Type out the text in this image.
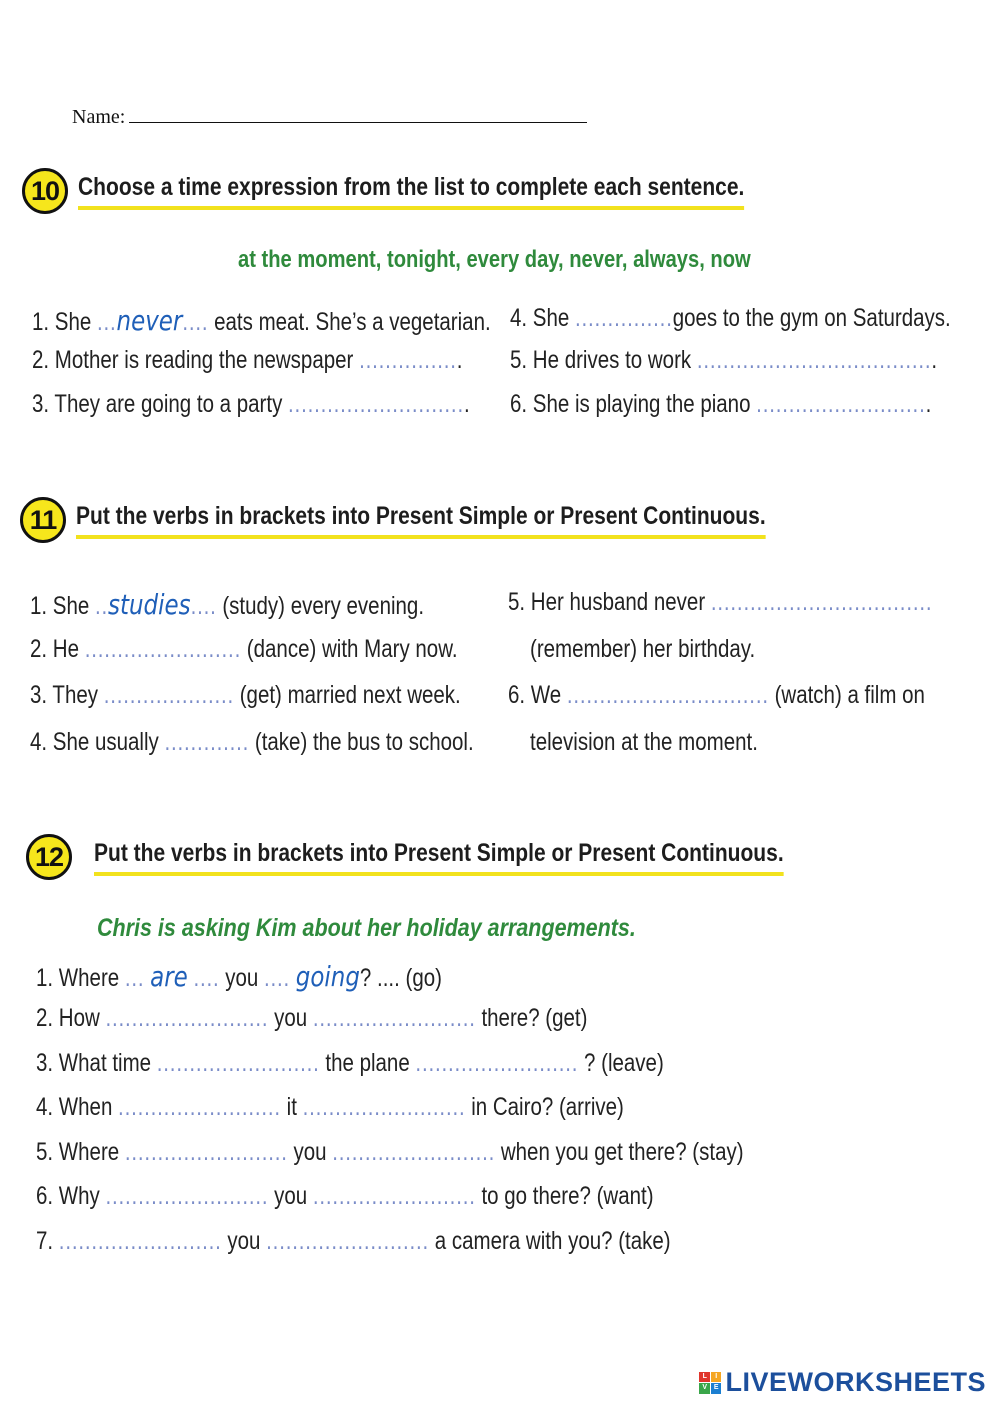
Name:
10 Choose a time expression from the list to complete each sentence.
at the moment, tonight, every day, never, always, now
1. She ...never.... eats meat. She’s a vegetarian.
2. Mother is reading the newspaper ................
3. They are going to a party ............................
4. She ...............goes to the gym on Saturdays.
5. He drives to work .....................................
6. She is playing the piano ...........................
11 Put the verbs in brackets into Present Simple or Present Continuous.
1. She ..studies.... (study) every evening.
2. He ........................ (dance) with Mary now.
3. They .................... (get) married next week.
4. She usually ............. (take) the bus to school.
5. Her husband never ..................................
(remember) her birthday.
6. We ............................... (watch) a film on
television at the moment.
12	Put the verbs in brackets into Present Simple or Present Continuous.
Chris is asking Kim about her holiday arrangements.
1. Where ... are .... you .... going? .... (go)
2. How ......................... you ......................... there? (get)
3. What time ......................... the plane ......................... ? (leave)
4. When ......................... it ......................... in Cairo? (arrive)
5. Where ......................... you ......................... when you get there? (stay)
6. Why ......................... you ......................... to go there? (want)
7. ......................... you ......................... a camera with you? (take)
L	I
V E LIVEWORKSHEETS
